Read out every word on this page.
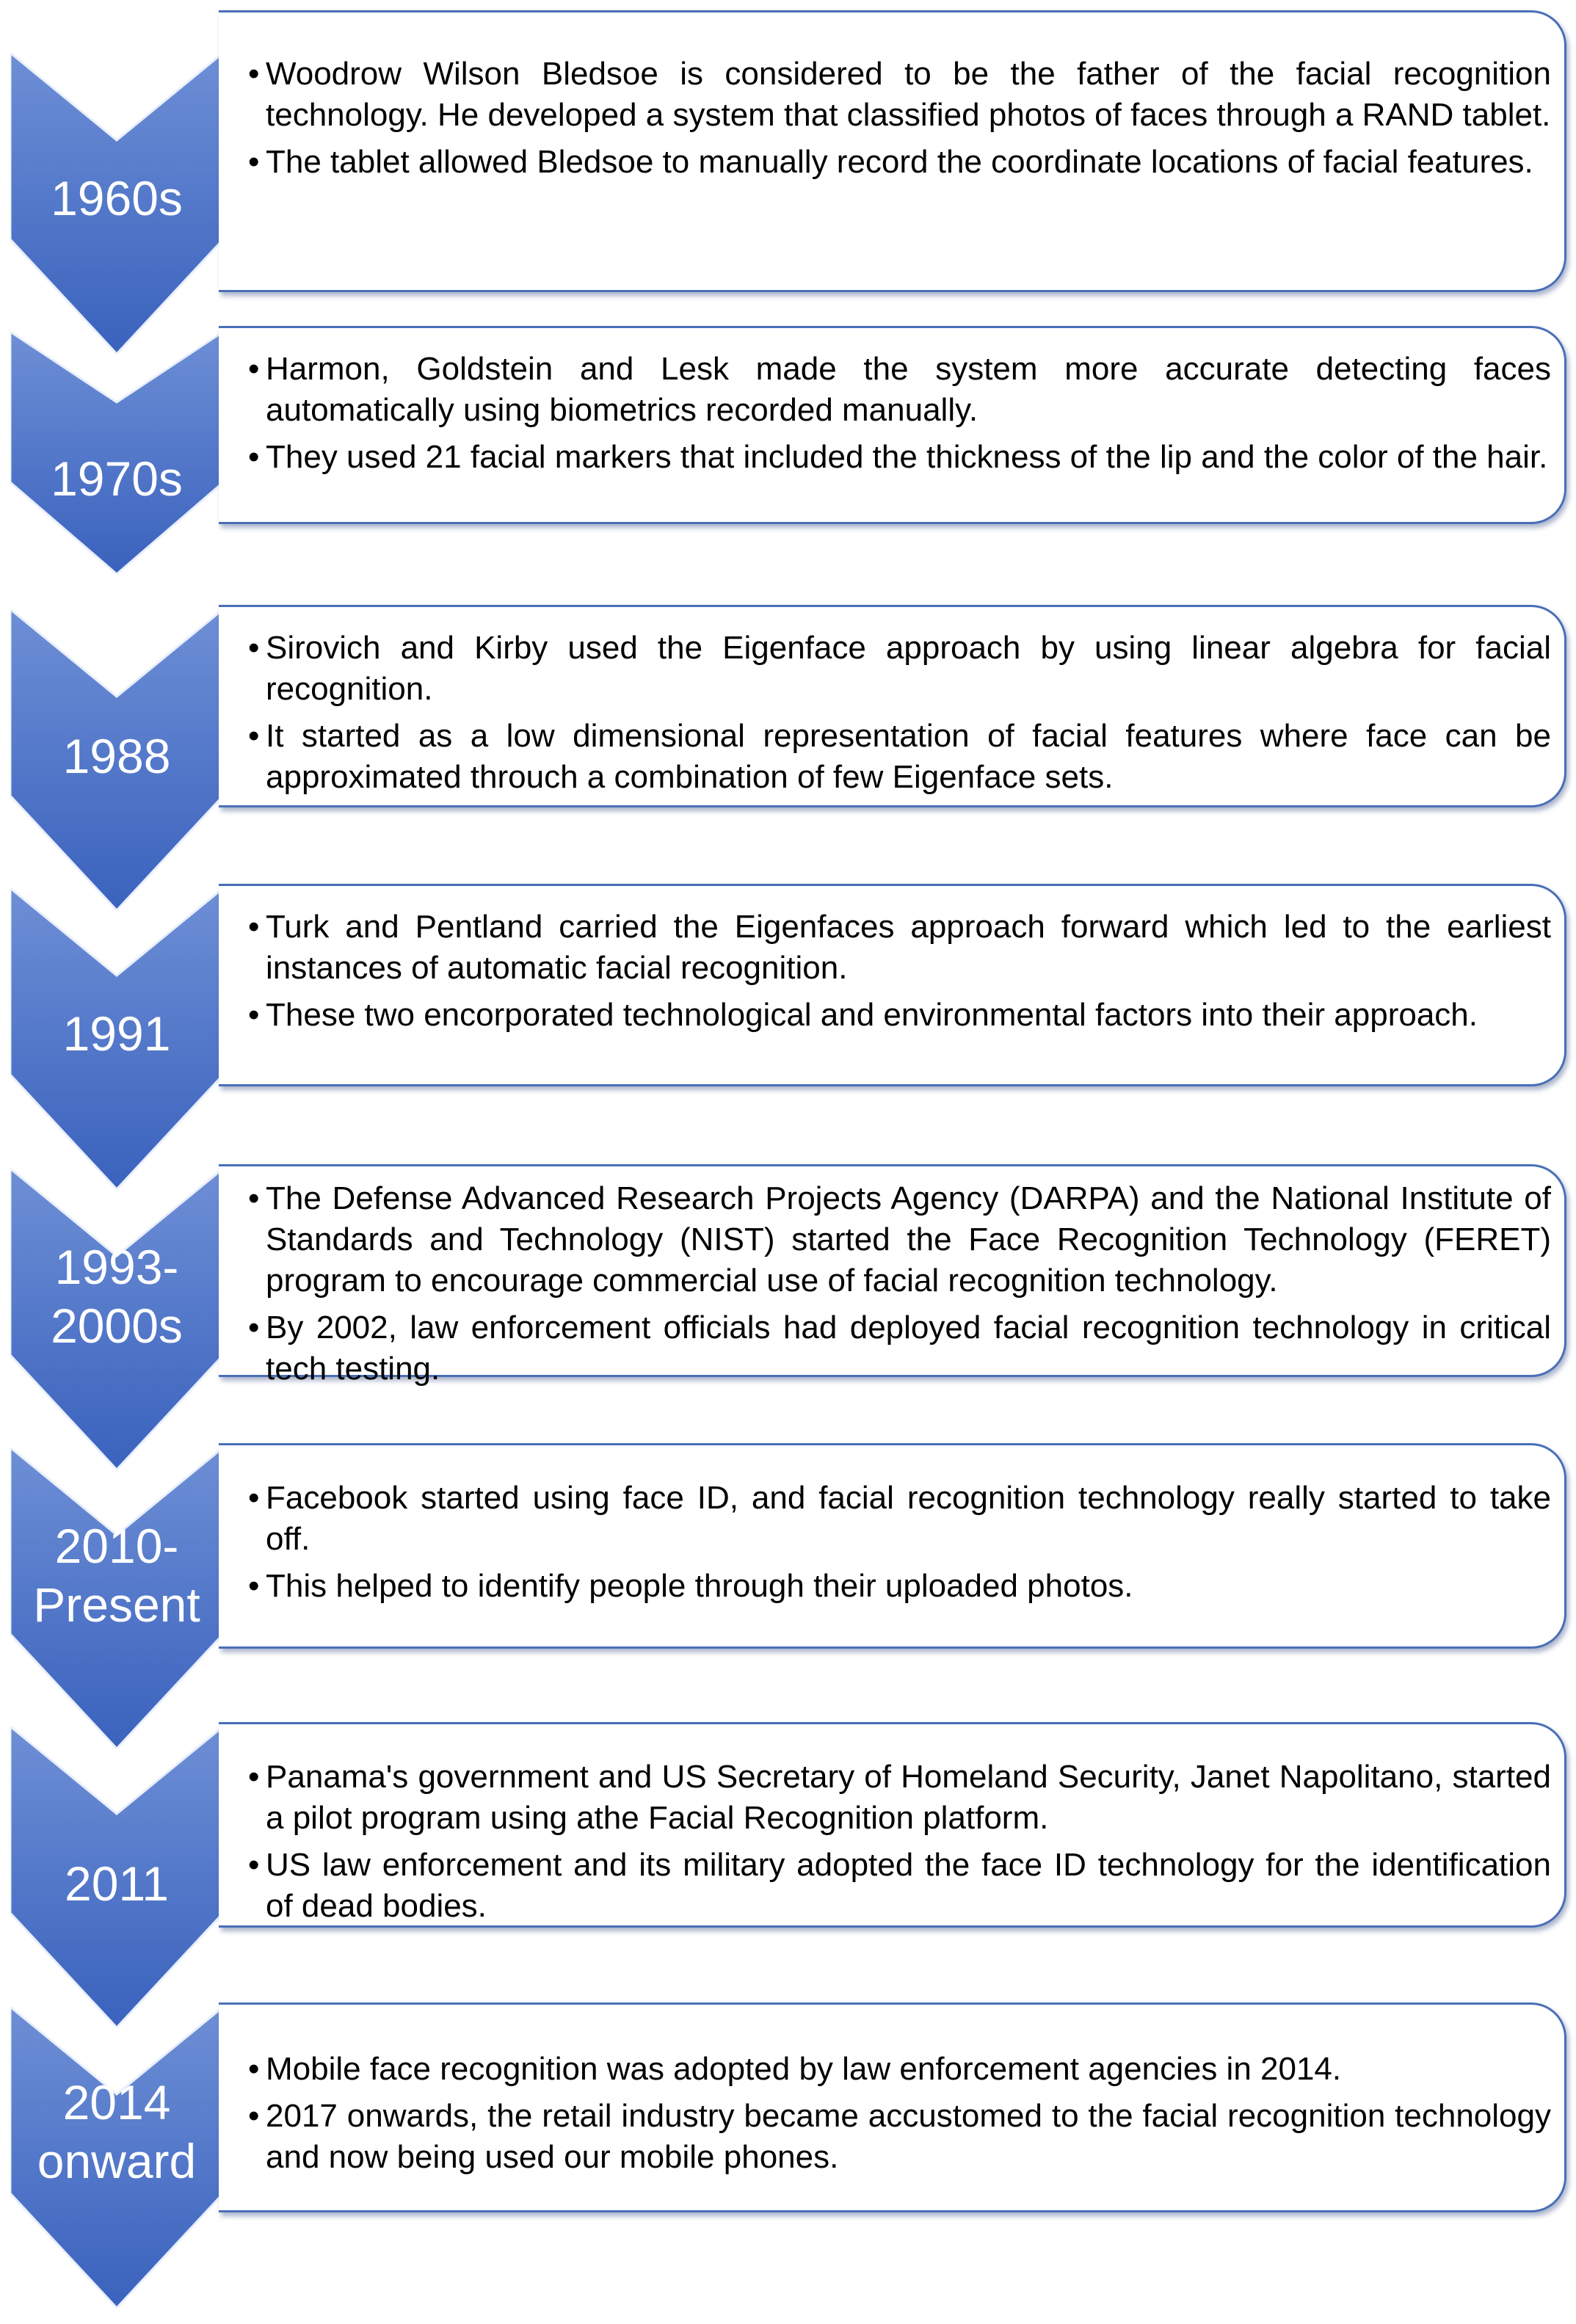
• Woodrow Wilson Bledsoe is considered to be the father of the facial recognition technology. He developed a system that classified photos of faces through a RAND tablet.
• The tablet allowed Bledsoe to manually record the coordinate locations of facial features.
1960s
• Harmon, Goldstein and Lesk made the system more accurate detecting faces automatically using biometrics recorded manually.
• They used 21 facial markers that included the thickness of the lip and the color of the hair.
1970s
• Sirovich and Kirby used the Eigenface approach by using linear algebra for facial recognition.
• It started as a low dimensional representation of facial features where face can be approximated throuch a combination of few Eigenface sets.
1988
• Turk and Pentland carried the Eigenfaces approach forward which led to the earliest instances of automatic facial recognition.
• These two encorporated technological and environmental factors into their approach.
1991
• The Defense Advanced Research Projects Agency (DARPA) and the National Institute of Standards and Technology (NIST) started the Face Recognition Technology (FERET) program to encourage commercial use of facial recognition technology.
• By 2002, law enforcement officials had deployed facial recognition technology in critical tech testing.
1993-
2000s
• Facebook started using face ID, and facial recognition technology really started to take off.
• This helped to identify people through their uploaded photos.
2010-
Present
• Panama's government and US Secretary of Homeland Security, Janet Napolitano, started a pilot program using athe Facial Recognition platform.
• US law enforcement and its military adopted the face ID technology for the identification of dead bodies.
2011
• Mobile face recognition was adopted by law enforcement agencies in 2014.
• 2017 onwards, the retail industry became accustomed to the facial recognition technology and now being used our mobile phones.
2014
onward
